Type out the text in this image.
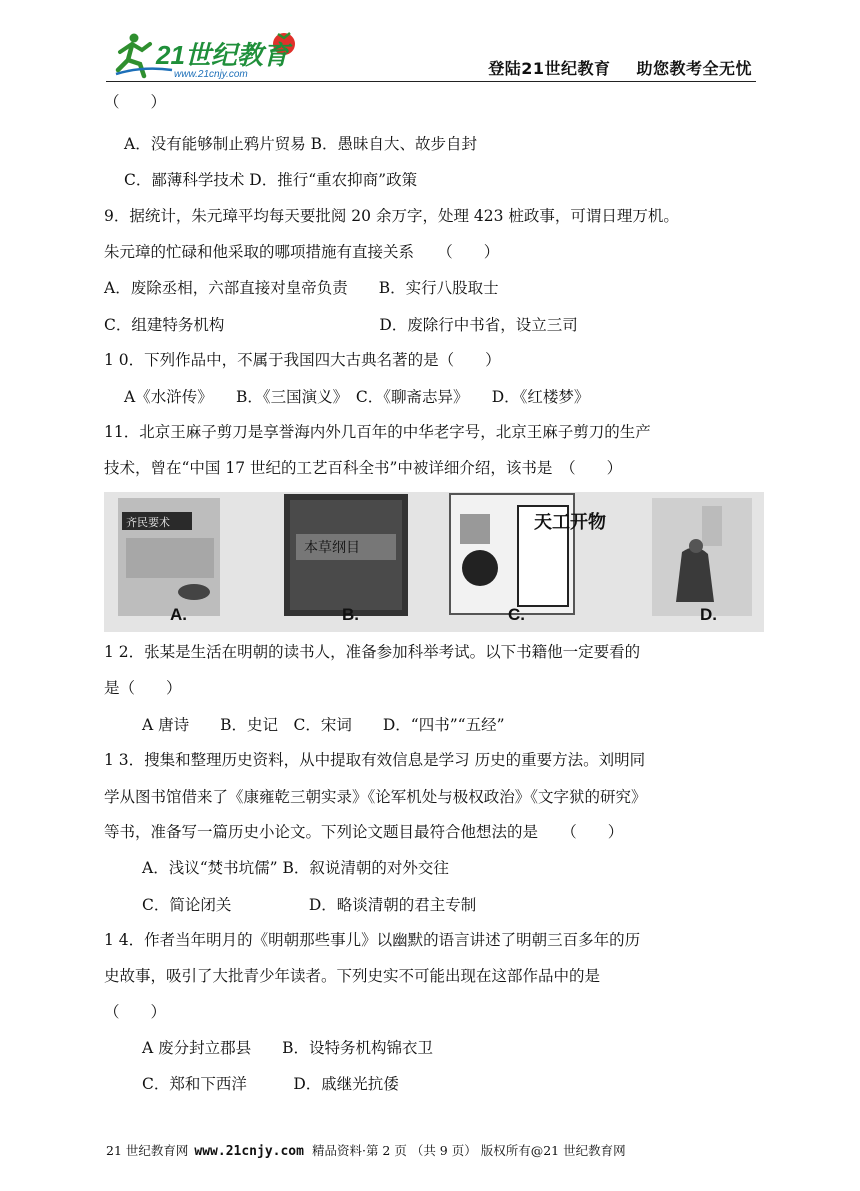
21世纪教育
www.21cnjy.com	登陆21世纪教育 助您教考全无忧
（　　）
A．没有能够制止鸦片贸易 B．愚昧自大、故步自封
C．鄙薄科学技术 D．推行“重农抑商”政策
9．据统计，朱元璋平均每天要批阅 20 余万字，处理 423 桩政事，可谓日理万机。
朱元璋的忙碌和他采取的哪项措施有直接关系　　（　　）
A．废除丞相，六部直接对皇帝负责　　B．实行八股取士
C．组建特务机构　　　　　　　　　　D．废除行中书省，设立三司
1 0．下列作品中，不属于我国四大古典名著的是（　　）
A《水浒传》　　B．《三国演义》　C．《聊斋志异》　　D．《红楼梦》
11．北京王麻子剪刀是享誉海内外几百年的中华老字号，北京王麻子剪刀的生产
技术，曾在“中国 17 世纪的工艺百科全书”中被详细介绍，该书是　（　　）
齐民要术
本草纲目
天工开物
A.	B.	C.	D.
1 2．张某是生活在明朝的读书人，准备参加科举考试。以下书籍他一定要看的
是（　　）
A 唐诗　　B．史记　C．宋词　　D．“四书”“五经”
1 3．搜集和整理历史资料，从中提取有效信息是学习 历史的重要方法。刘明同
学从图书馆借来了《康雍乾三朝实录》《论军机处与极权政治》《文字狱的研究》
等书，准备写一篇历史小论文。下列论文题目最符合他想法的是　　（　　）
A．浅议“焚书坑儒” B．叙说清朝的对外交往
C．简论闭关　　　　　D．略谈清朝的君主专制
1 4．作者当年明月的《明朝那些事儿》以幽默的语言讲述了明朝三百多年的历
史故事，吸引了大批青少年读者。下列史实不可能出现在这部作品中的是
（　　）
A 废分封立郡县　　B．设特务机构锦衣卫
C．郑和下西洋　　　D．戚继光抗倭
21 世纪教育网 www.21cnjy.com 精品资料·第 2 页 （共 9 页） 版权所有@21 世纪教育网
